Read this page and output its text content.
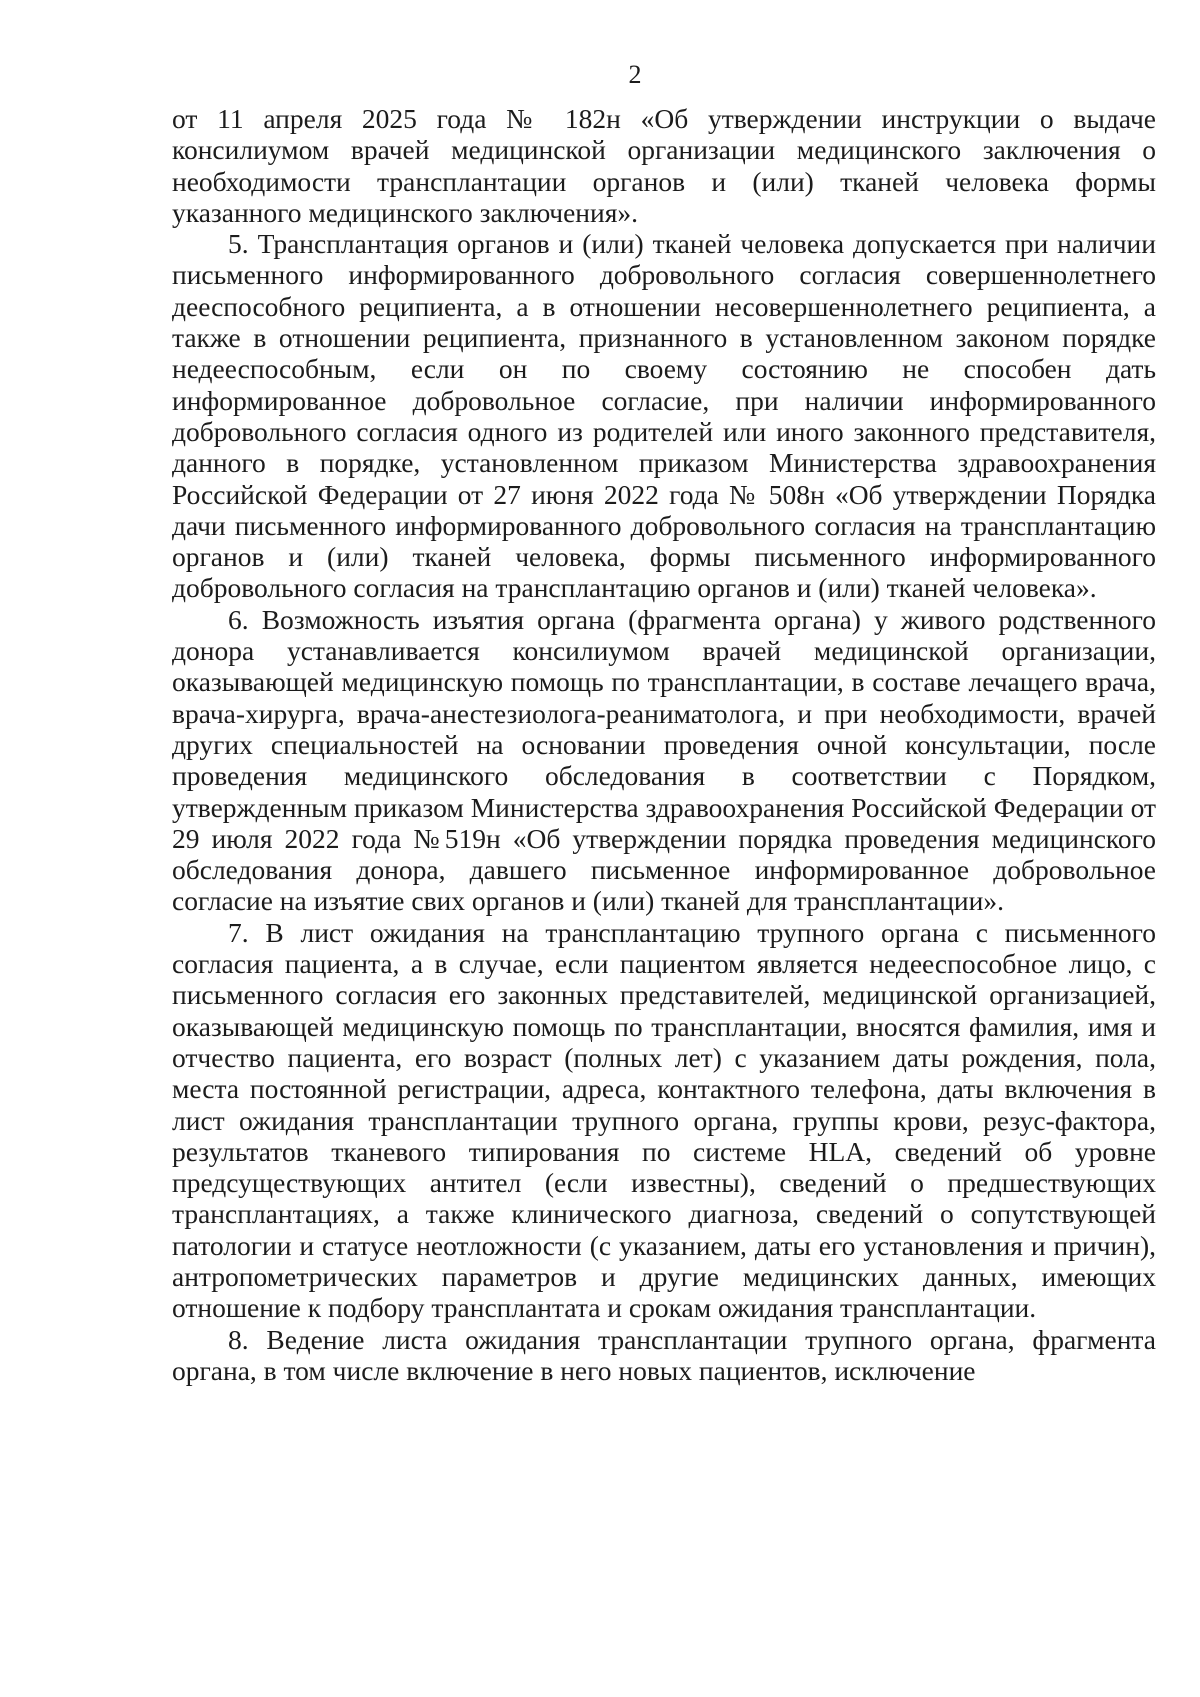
2

от 11 апреля 2025 года № 182н «Об утверждении инструкции о выдаче консилиумом врачей медицинской организации медицинского заключения о необходимости трансплантации органов и (или) тканей человека формы указанного медицинского заключения».

5. Трансплантация органов и (или) тканей человека допускается при наличии письменного информированного добровольного согласия совершеннолетнего дееспособного реципиента, а в отношении несовершеннолетнего реципиента, а также в отношении реципиента, признанного в установленном законом порядке недееспособным, если он по своему состоянию не способен дать информированное добровольное согласие, при наличии информированного добровольного согласия одного из родителей или иного законного представителя, данного в порядке, установленном приказом Министерства здравоохранения Российской Федерации от 27 июня 2022 года № 508н «Об утверждении Порядка дачи письменного информированного добровольного согласия на трансплантацию органов и (или) тканей человека, формы письменного информированного добровольного согласия на трансплантацию органов и (или) тканей человека».

6. Возможность изъятия органа (фрагмента органа) у живого родственного донора устанавливается консилиумом врачей медицинской организации, оказывающей медицинскую помощь по трансплантации, в составе лечащего врача, врача-хирурга, врача-анестезиолога-реаниматолога, и при необходимости, врачей других специальностей на основании проведения очной консультации, после проведения медицинского обследования в соответствии с Порядком, утвержденным приказом Министерства здравоохранения Российской Федерации от 29 июля 2022 года №519н «Об утверждении порядка проведения медицинского обследования донора, давшего письменное информированное добровольное согласие на изъятие свих органов и (или) тканей для трансплантации».

7. В лист ожидания на трансплантацию трупного органа с письменного согласия пациента, а в случае, если пациентом является недееспособное лицо, с письменного согласия его законных представителей, медицинской организацией, оказывающей медицинскую помощь по трансплантации, вносятся фамилия, имя и отчество пациента, его возраст (полных лет) с указанием даты рождения, пола, места постоянной регистрации, адреса, контактного телефона, даты включения в лист ожидания трансплантации трупного органа, группы крови, резус-фактора, результатов тканевого типирования по системе HLA, сведений об уровне предсуществующих антител (если известны), сведений о предшествующих трансплантациях, а также клинического диагноза, сведений о сопутствующей патологии и статусе неотложности (с указанием, даты его установления и причин), антропометрических параметров и другие медицинских данных, имеющих отношение к подбору трансплантата и срокам ожидания трансплантации.

8. Ведение листа ожидания трансплантации трупного органа, фрагмента органа, в том числе включение в него новых пациентов, исключение
